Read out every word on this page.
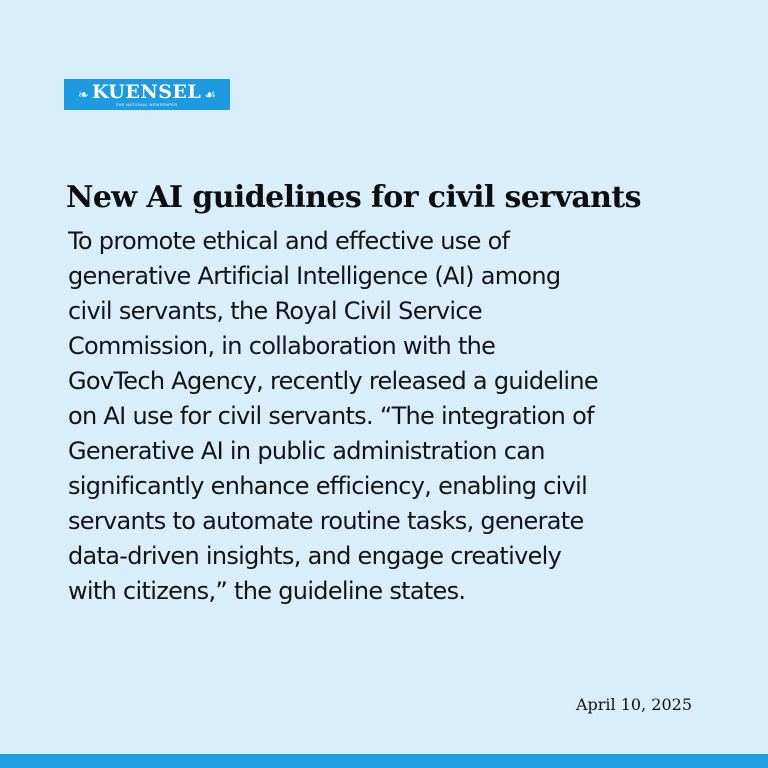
❧ KUENSEL
THE NATIONAL NEWSPAPER
☙
New AI guidelines for civil servants

To promote ethical and effective use of
generative Artificial Intelligence (AI) among
civil servants, the Royal Civil Service
Commission, in collaboration with the
GovTech Agency, recently released a guideline
on AI use for civil servants. “The integration of
Generative AI in public administration can
significantly enhance efficiency, enabling civil
servants to automate routine tasks, generate
data-driven insights, and engage creatively
with citizens,” the guideline states.

April 10, 2025
